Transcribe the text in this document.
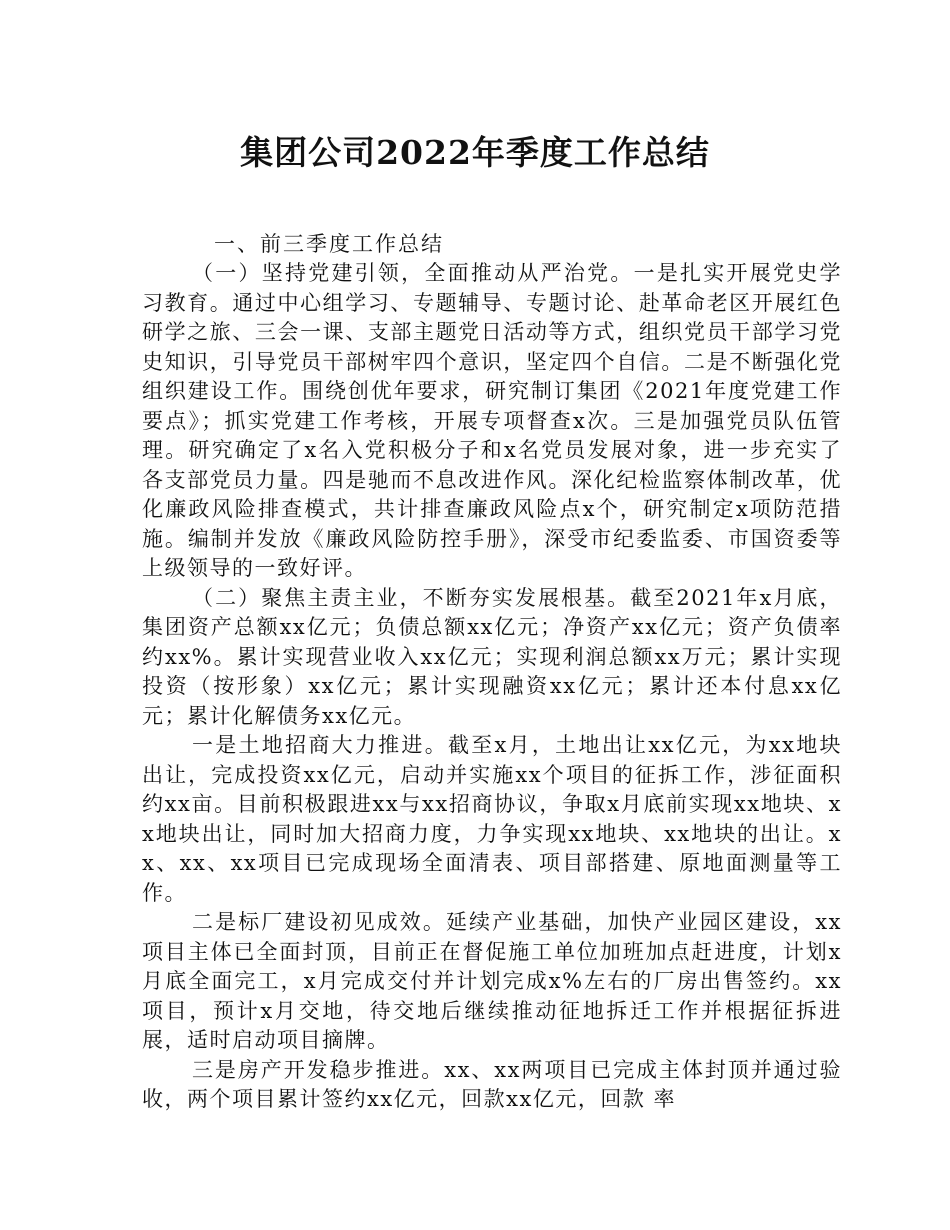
集团公司2022年季度工作总结

一、前三季度工作总结

（一）坚持党建引领，全面推动从严治党。一是扎实开展党史学习教育。通过中心组学习、专题辅导、专题讨论、赴革命老区开展红色研学之旅、三会一课、支部主题党日活动等方式，组织党员干部学习党史知识，引导党员干部树牢四个意识，坚定四个自信。二是不断强化党组织建设工作。围绕创优年要求，研究制订集团《2021年度党建工作要点》；抓实党建工作考核，开展专项督查x次。三是加强党员队伍管理。研究确定了x名入党积极分子和x名党员发展对象，进一步充实了各支部党员力量。四是驰而不息改进作风。深化纪检监察体制改革，优化廉政风险排查模式，共计排查廉政风险点x个，研究制定x项防范措施。编制并发放《廉政风险防控手册》，深受市纪委监委、市国资委等上级领导的一致好评。

（二）聚焦主责主业，不断夯实发展根基。截至2021年x月底，集团资产总额xx亿元；负债总额xx亿元；净资产xx亿元；资产负债率约xx%。累计实现营业收入xx亿元；实现利润总额xx万元；累计实现投资（按形象）xx亿元；累计实现融资xx亿元；累计还本付息xx亿元；累计化解债务xx亿元。

一是土地招商大力推进。截至x月，土地出让xx亿元，为xx地块出让，完成投资xx亿元，启动并实施xx个项目的征拆工作，涉征面积约xx亩。目前积极跟进xx与xx招商协议，争取x月底前实现xx地块、xx地块出让，同时加大招商力度，力争实现xx地块、xx地块的出让。xx、xx、xx项目已完成现场全面清表、项目部搭建、原地面测量等工作。

二是标厂建设初见成效。延续产业基础，加快产业园区建设，xx项目主体已全面封顶，目前正在督促施工单位加班加点赶进度，计划x月底全面完工，x月完成交付并计划完成x%左右的厂房出售签约。xx项目，预计x月交地，待交地后继续推动征地拆迁工作并根据征拆进展，适时启动项目摘牌。

三是房产开发稳步推进。xx、xx两项目已完成主体封顶并通过验收，两个项目累计签约xx亿元，回款xx亿元，回款 率
